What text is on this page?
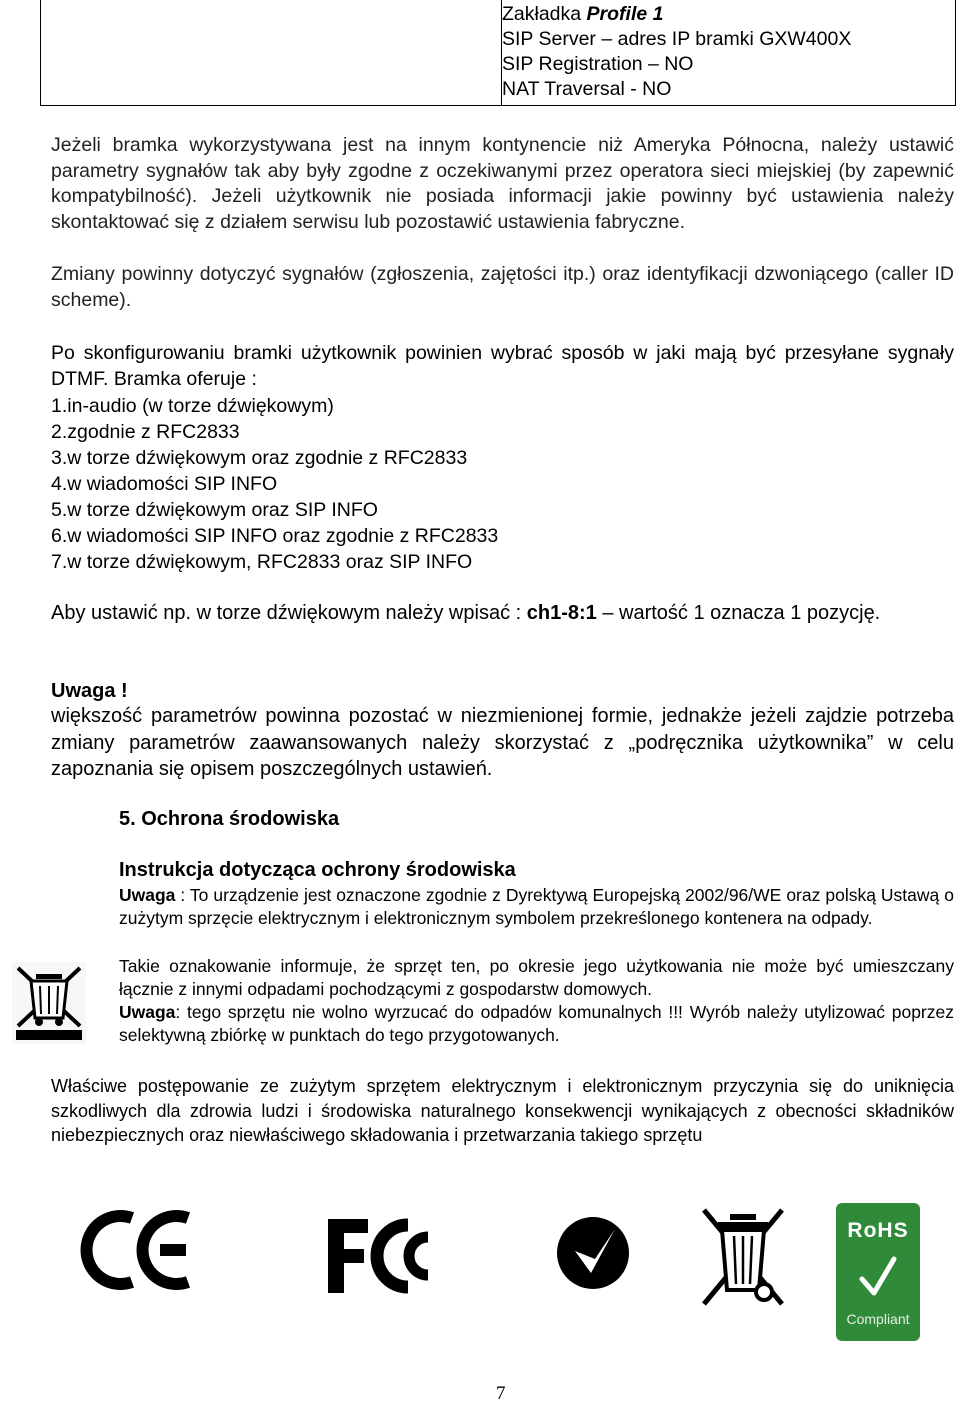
Zakładka Profile 1
SIP Server – adres IP bramki GXW400X
SIP Registration – NO
NAT Traversal - NO
Jeżeli bramka wykorzystywana jest na innym kontynencie niż Ameryka Północna, należy ustawić parametry sygnałów tak aby były zgodne z oczekiwanymi przez operatora sieci miejskiej (by zapewnić kompatybilność). Jeżeli użytkownik nie posiada informacji jakie powinny być ustawienia należy skontaktować się z działem serwisu lub pozostawić ustawienia fabryczne.
Zmiany powinny dotyczyć sygnałów (zgłoszenia, zajętości itp.) oraz identyfikacji dzwoniącego (caller ID scheme).
Po skonfigurowaniu bramki użytkownik powinien wybrać sposób w jaki mają być przesyłane sygnały DTMF. Bramka oferuje :
1.in-audio (w torze dźwiękowym)
2.zgodnie z RFC2833
3.w torze dźwiękowym oraz zgodnie z RFC2833
4.w wiadomości SIP INFO
5.w torze dźwiękowym oraz SIP INFO
6.w wiadomości SIP INFO oraz zgodnie z RFC2833
7.w torze dźwiękowym, RFC2833 oraz SIP INFO
Aby ustawić np. w torze dźwiękowym należy wpisać : ch1-8:1 – wartość 1 oznacza 1 pozycję.
Uwaga !
większość parametrów powinna pozostać w niezmienionej formie, jednakże jeżeli zajdzie potrzeba zmiany parametrów zaawansowanych należy skorzystać z „podręcznika użytkownika” w celu zapoznania się opisem poszczególnych ustawień.
5. Ochrona środowiska
Instrukcja dotycząca ochrony środowiska
Uwaga : To urządzenie jest oznaczone zgodnie z Dyrektywą Europejską 2002/96/WE oraz polską Ustawą o zużytym sprzęcie elektrycznym i elektronicznym symbolem przekreślonego kontenera na odpady.
Takie oznakowanie informuje, że sprzęt ten, po okresie jego użytkowania nie może być umieszczany łącznie z innymi odpadami pochodzącymi z gospodarstw domowych.
Uwaga: tego sprzętu nie wolno wyrzucać do odpadów komunalnych !!! Wyrób należy utylizować poprzez selektywną zbiórkę w punktach do tego przygotowanych.
Właściwe postępowanie ze zużytym sprzętem elektrycznym i elektronicznym przyczynia się do uniknięcia szkodliwych dla zdrowia ludzi i środowiska naturalnego konsekwencji wynikających z obecności składników niebezpiecznych oraz niewłaściwego składowania i przetwarzania takiego sprzętu
RoHS
Compliant
7
